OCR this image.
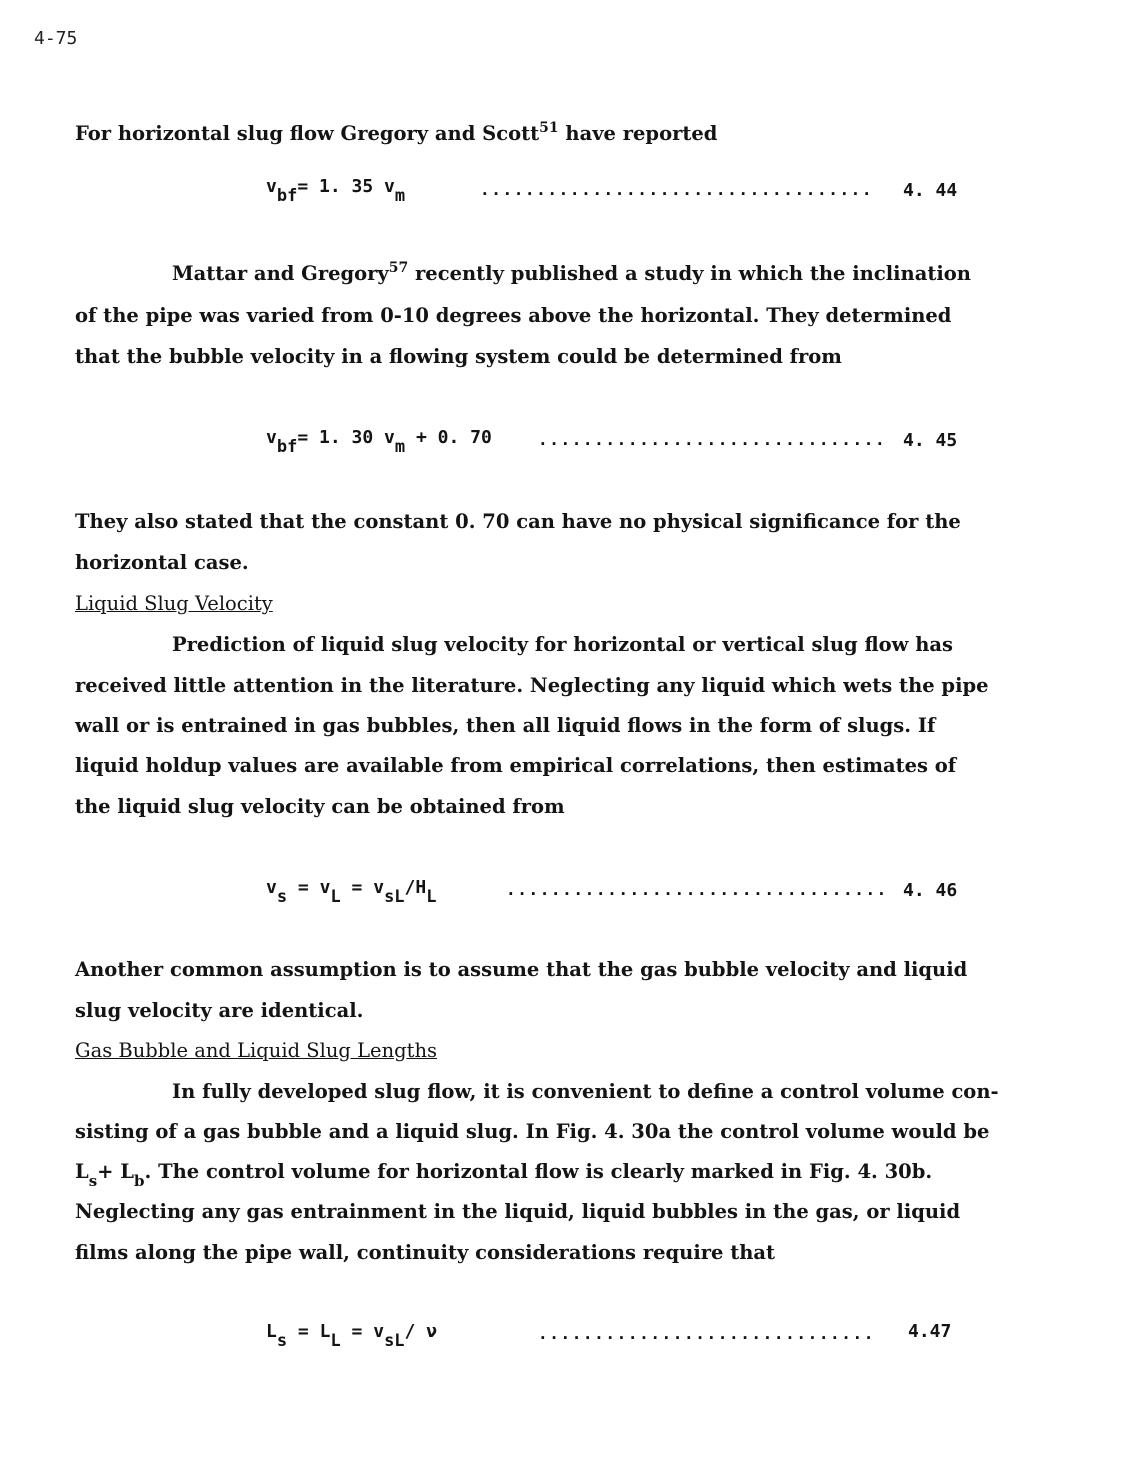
4-75
For horizontal slug flow Gregory and Scott$^{51}$ have reported
vbf= 1. 35 vm	................................... 4. 44
Mattar and Gregory$^{57}$ recently published a study in which the inclination
of the pipe was varied from 0-10 degrees above the horizontal. They determined
that the bubble velocity in a flowing system could be determined from
vbf= 1. 30 vm + 0. 70	............................... 4. 45
They also stated that the constant 0. 70 can have no physical significance for the
horizontal case.
Liquid Slug Velocity
Prediction of liquid slug velocity for horizontal or vertical slug flow has
received little attention in the literature. Neglecting any liquid which wets the pipe
wall or is entrained in gas bubbles, then all liquid flows in the form of slugs. If
liquid holdup values are available from empirical correlations, then estimates of
the liquid slug velocity can be obtained from
vs = vL = vsL/HL	.................................. 4. 46
Another common assumption is to assume that the gas bubble velocity and liquid
slug velocity are identical.
Gas Bubble and Liquid Slug Lengths
In fully developed slug flow, it is convenient to define a control volume con-
sisting of a gas bubble and a liquid slug. In Fig. 4. 30a the control volume would be
$L_s+ L_b$. The control volume for horizontal flow is clearly marked in Fig. 4. 30b.
Neglecting any gas entrainment in the liquid, liquid bubbles in the gas, or liquid
films along the pipe wall, continuity considerations require that
Ls = LL = vsL/ ν	.............................. 4.47
